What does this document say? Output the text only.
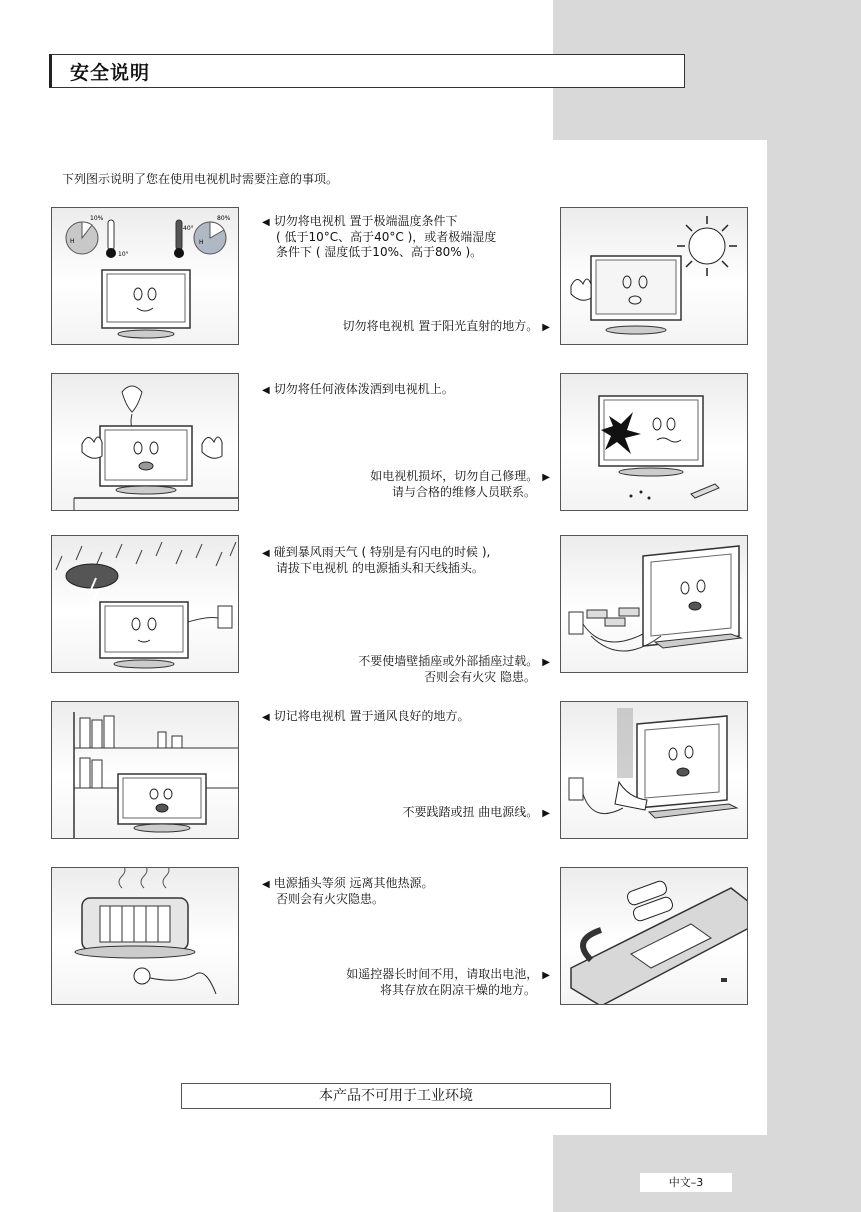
安全说明
下列图示说明了您在使用电视机时需要注意的事项。
H
10%
10°
40°
H
80%	◀ 切勿将电视机 置于极端温度条件下
( 低于10°C、高于40°C )，或者极端湿度
条件下 ( 湿度低于10%、高于80% )。
切勿将电视机 置于阳光直射的地方。 ▶
◀ 切勿将任何液体泼洒到电视机上。
如电视机损坏，切勿自己修理。 ▶
请与合格的维修人员联系。
◀ 碰到暴风雨天气 ( 特别是有闪电的时候 ),
请拔下电视机 的电源插头和天线插头。
不要使墙壁插座或外部插座过载。 ▶
否则会有火灾 隐患。
◀ 切记将电视机 置于通风良好的地方。
不要践踏或扭 曲电源线。 ▶
◀ 电源插头等须 远离其他热源。
否则会有火灾隐患。
如遥控器长时间不用，请取出电池， ▶
将其存放在阴凉干燥的地方。
本产品不可用于工业环境
中文–3
